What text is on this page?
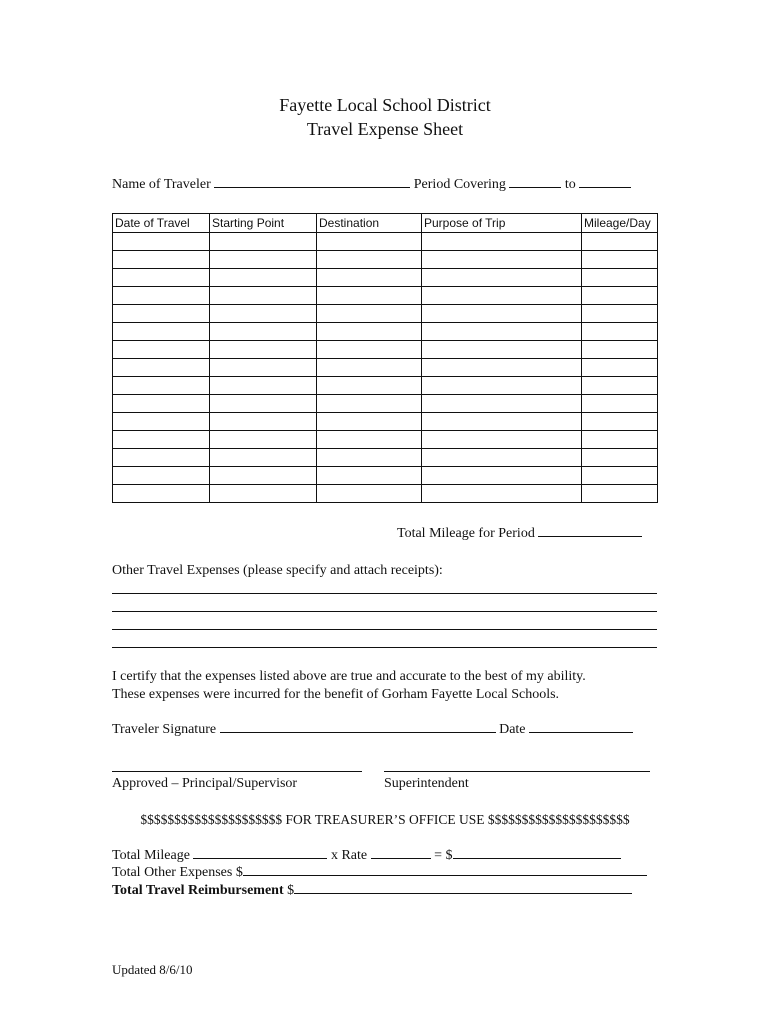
Fayette Local School District
Travel Expense Sheet
Name of Traveler	Period Covering	to
Date of Travel	Starting Point	Destination	Purpose of Trip	Mileage/Day

Total Mileage for Period
Other Travel Expenses (please specify and attach receipts):
I certify that the expenses listed above are true and accurate to the best of my ability.
These expenses were incurred for the benefit of Gorham Fayette Local Schools.
Traveler Signature	Date
Approved – Principal/Supervisor	Superintendent
$$$$$$$$$$$$$$$$$$$$$ FOR TREASURER’S OFFICE USE $$$$$$$$$$$$$$$$$$$$$
Total Mileage	x Rate	= $
Total Other Expenses $
Total Travel Reimbursement $
Updated 8/6/10
